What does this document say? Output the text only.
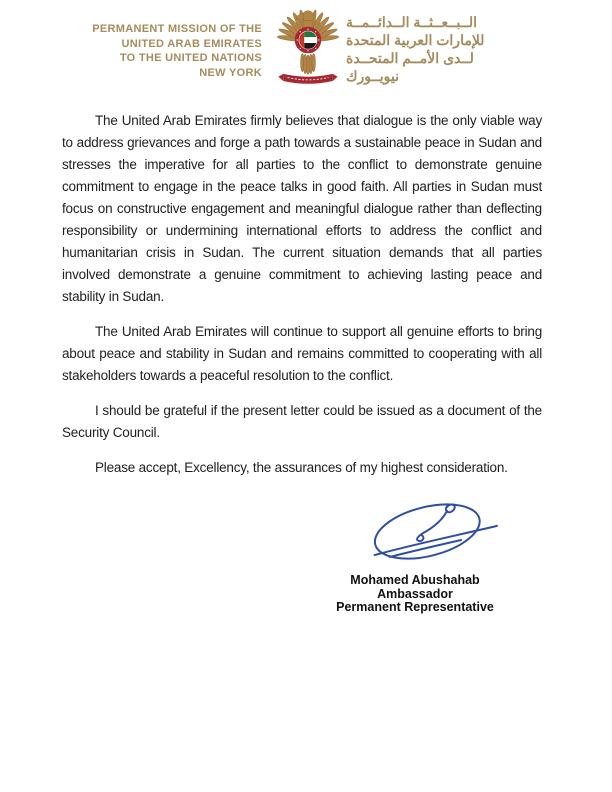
PERMANENT MISSION OF THE
UNITED ARAB EMIRATES
TO THE UNITED NATIONS
NEW YORK
الــبــعــثــة الــدائــمــة
للإمارات العربية المتحدة
لــدى الأمــم المتحــدة
نيويــورك

The United Arab Emirates firmly believes that dialogue is the only viable way to address grievances and forge a path towards a sustainable peace in Sudan and stresses the imperative for all parties to the conflict to demonstrate genuine commitment to engage in the peace talks in good faith. All parties in Sudan must focus on constructive engagement and meaningful dialogue rather than deflecting responsibility or undermining international efforts to address the conflict and humanitarian crisis in Sudan. The current situation demands that all parties involved demonstrate a genuine commitment to achieving lasting peace and stability in Sudan.

The United Arab Emirates will continue to support all genuine efforts to bring about peace and stability in Sudan and remains committed to cooperating with all stakeholders towards a peaceful resolution to the conflict.

I should be grateful if the present letter could be issued as a document of the Security Council.

Please accept, Excellency, the assurances of my highest consideration.

Mohamed Abushahab
Ambassador
Permanent Representative
